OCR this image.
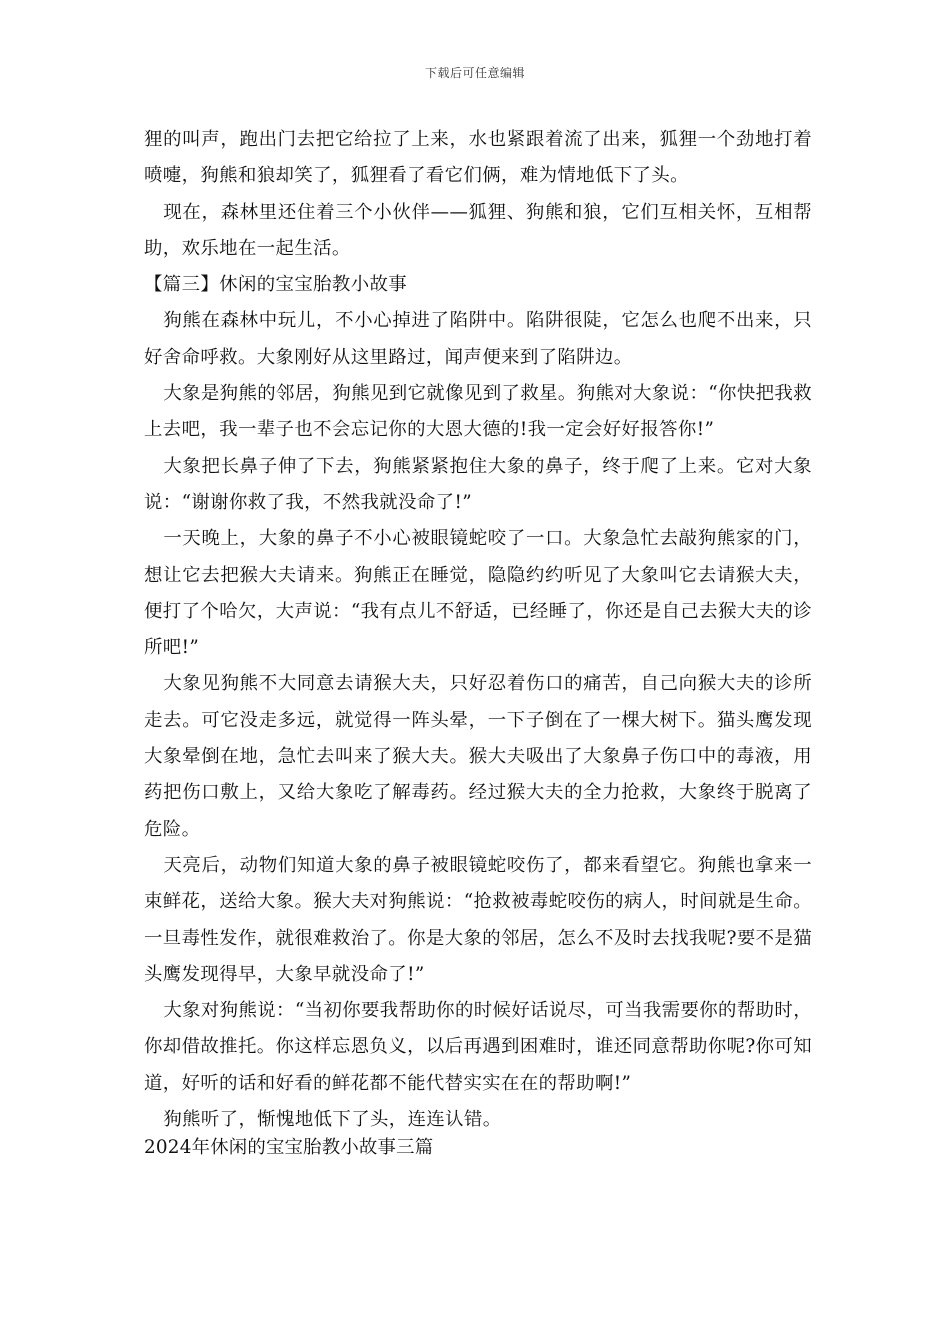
下载后可任意编辑

狸的叫声，跑出门去把它给拉了上来，水也紧跟着流了出来，狐狸一个劲地打着喷嚏，狗熊和狼却笑了，狐狸看了看它们俩，难为情地低下了头。

现在，森林里还住着三个小伙伴——狐狸、狗熊和狼，它们互相关怀，互相帮助，欢乐地在一起生活。

【篇三】休闲的宝宝胎教小故事

狗熊在森林中玩儿，不小心掉进了陷阱中。陷阱很陡，它怎么也爬不出来，只好舍命呼救。大象刚好从这里路过，闻声便来到了陷阱边。

大象是狗熊的邻居，狗熊见到它就像见到了救星。狗熊对大象说：“你快把我救上去吧，我一辈子也不会忘记你的大恩大德的!我一定会好好报答你!”

大象把长鼻子伸了下去，狗熊紧紧抱住大象的鼻子，终于爬了上来。它对大象说：“谢谢你救了我，不然我就没命了!”

一天晚上，大象的鼻子不小心被眼镜蛇咬了一口。大象急忙去敲狗熊家的门，想让它去把猴大夫请来。狗熊正在睡觉，隐隐约约听见了大象叫它去请猴大夫，便打了个哈欠，大声说：“我有点儿不舒适，已经睡了，你还是自己去猴大夫的诊所吧!”

大象见狗熊不大同意去请猴大夫，只好忍着伤口的痛苦，自己向猴大夫的诊所走去。可它没走多远，就觉得一阵头晕，一下子倒在了一棵大树下。猫头鹰发现大象晕倒在地，急忙去叫来了猴大夫。猴大夫吸出了大象鼻子伤口中的毒液，用药把伤口敷上，又给大象吃了解毒药。经过猴大夫的全力抢救，大象终于脱离了危险。

天亮后，动物们知道大象的鼻子被眼镜蛇咬伤了，都来看望它。狗熊也拿来一束鲜花，送给大象。猴大夫对狗熊说：“抢救被毒蛇咬伤的病人，时间就是生命。一旦毒性发作，就很难救治了。你是大象的邻居，怎么不及时去找我呢?要不是猫头鹰发现得早，大象早就没命了!”

大象对狗熊说：“当初你要我帮助你的时候好话说尽，可当我需要你的帮助时，你却借故推托。你这样忘恩负义，以后再遇到困难时，谁还同意帮助你呢?你可知道，好听的话和好看的鲜花都不能代替实实在在的帮助啊!”

狗熊听了，惭愧地低下了头，连连认错。

2024年休闲的宝宝胎教小故事三篇
